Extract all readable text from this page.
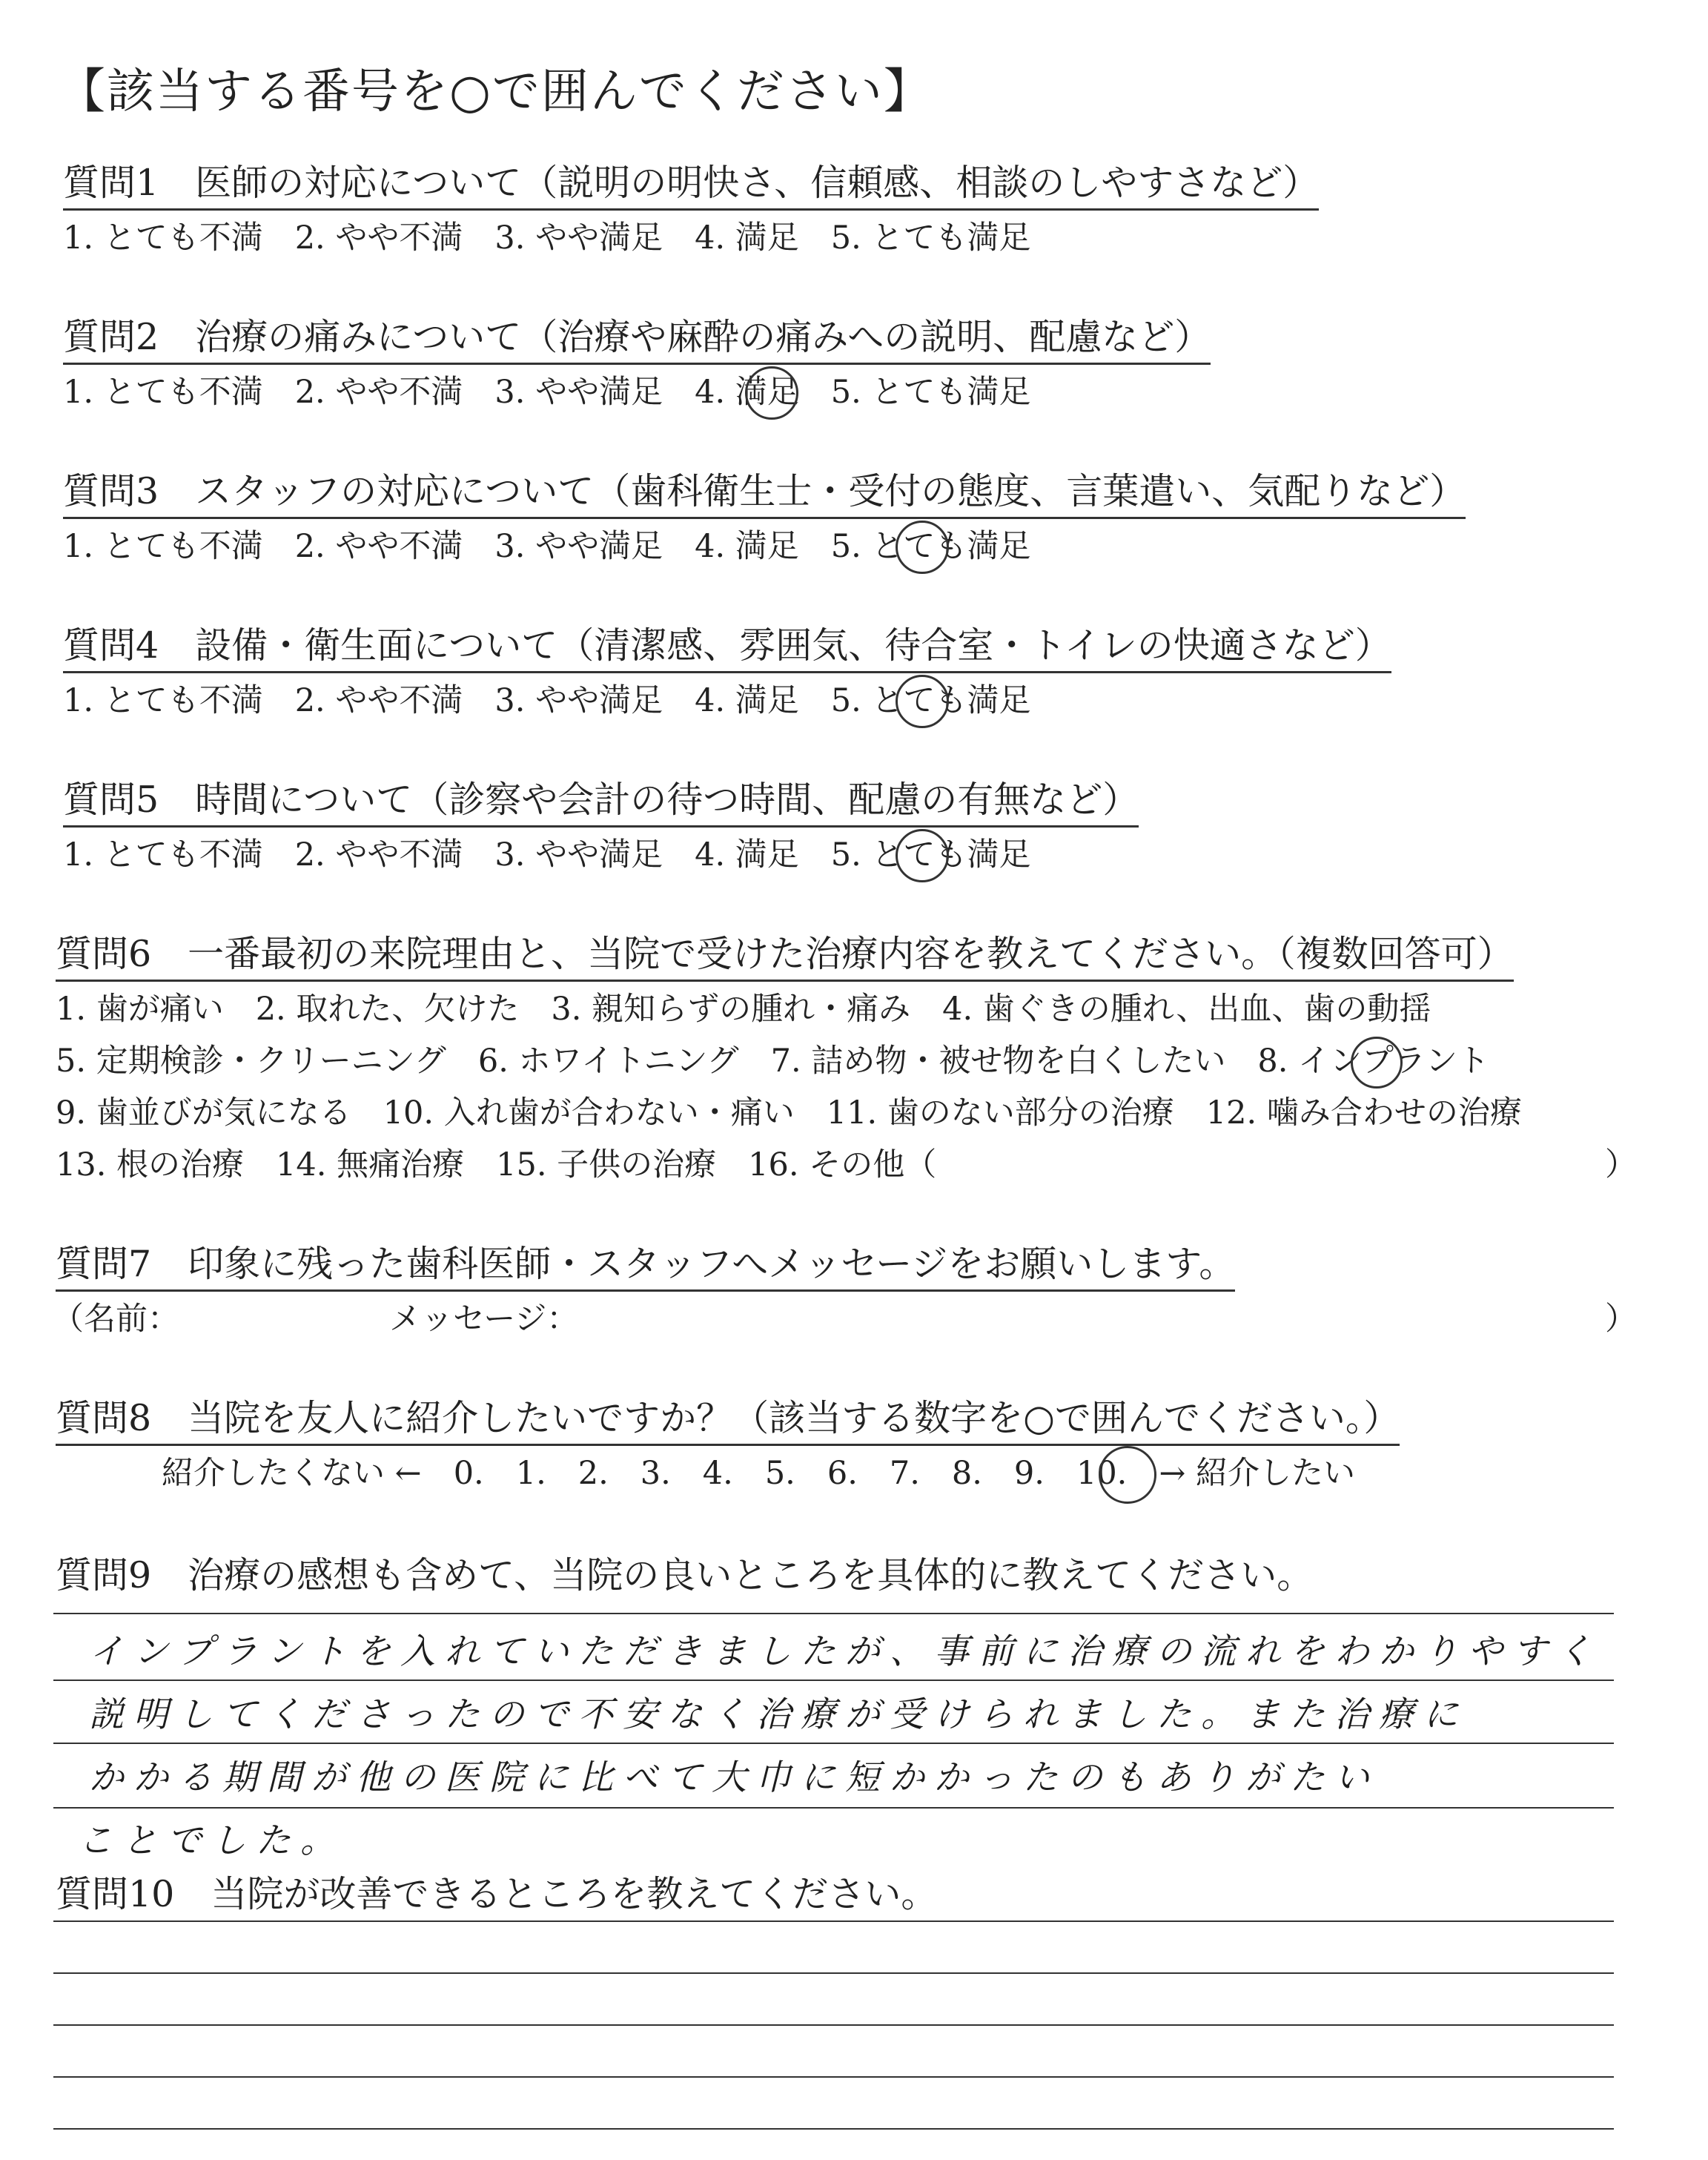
【該当する番号を○で囲んでください】
質問1　医師の対応について（説明の明快さ、信頼感、相談のしやすさなど）
1. とても不満　2. やや不満　3. やや満足　4. 満足　5. とても満足
質問2　治療の痛みについて（治療や麻酔の痛みへの説明、配慮など）
1. とても不満　2. やや不満　3. やや満足　4. 満足　5. とても満足
質問3　スタッフの対応について（歯科衛生士・受付の態度、言葉遣い、気配りなど）
1. とても不満　2. やや不満　3. やや満足　4. 満足　5. とても満足
質問4　設備・衛生面について（清潔感、雰囲気、待合室・トイレの快適さなど）
1. とても不満　2. やや不満　3. やや満足　4. 満足　5. とても満足
質問5　時間について（診察や会計の待つ時間、配慮の有無など）
1. とても不満　2. やや不満　3. やや満足　4. 満足　5. とても満足
質問6　一番最初の来院理由と、当院で受けた治療内容を教えてください。（複数回答可）
1. 歯が痛い　2. 取れた、欠けた　3. 親知らずの腫れ・痛み　4. 歯ぐきの腫れ、出血、歯の動揺
5. 定期検診・クリーニング　6. ホワイトニング　7. 詰め物・被せ物を白くしたい　8. インプラント
9. 歯並びが気になる　10. 入れ歯が合わない・痛い　11. 歯のない部分の治療　12. 噛み合わせの治療
13. 根の治療　14. 無痛治療　15. 子供の治療　16. その他（	）
質問7　印象に残った歯科医師・スタッフへメッセージをお願いします。
（名前：	メッセージ：	）
質問8　当院を友人に紹介したいですか？（該当する数字を○で囲んでください。）
紹介したくない ←　0.　1.　2.　3.　4.　5.　6.　7.　8.　9.　10.　→ 紹介したい
質問9　治療の感想も含めて、当院の良いところを具体的に教えてください。
インプラントを入れていただきましたが、事前に治療の流れをわかりやすく
説明してくださったので不安なく治療が受けられました。また治療に
かかる期間が他の医院に比べて大巾に短かかったのもありがたい
ことでした。
質問10　当院が改善できるところを教えてください。
